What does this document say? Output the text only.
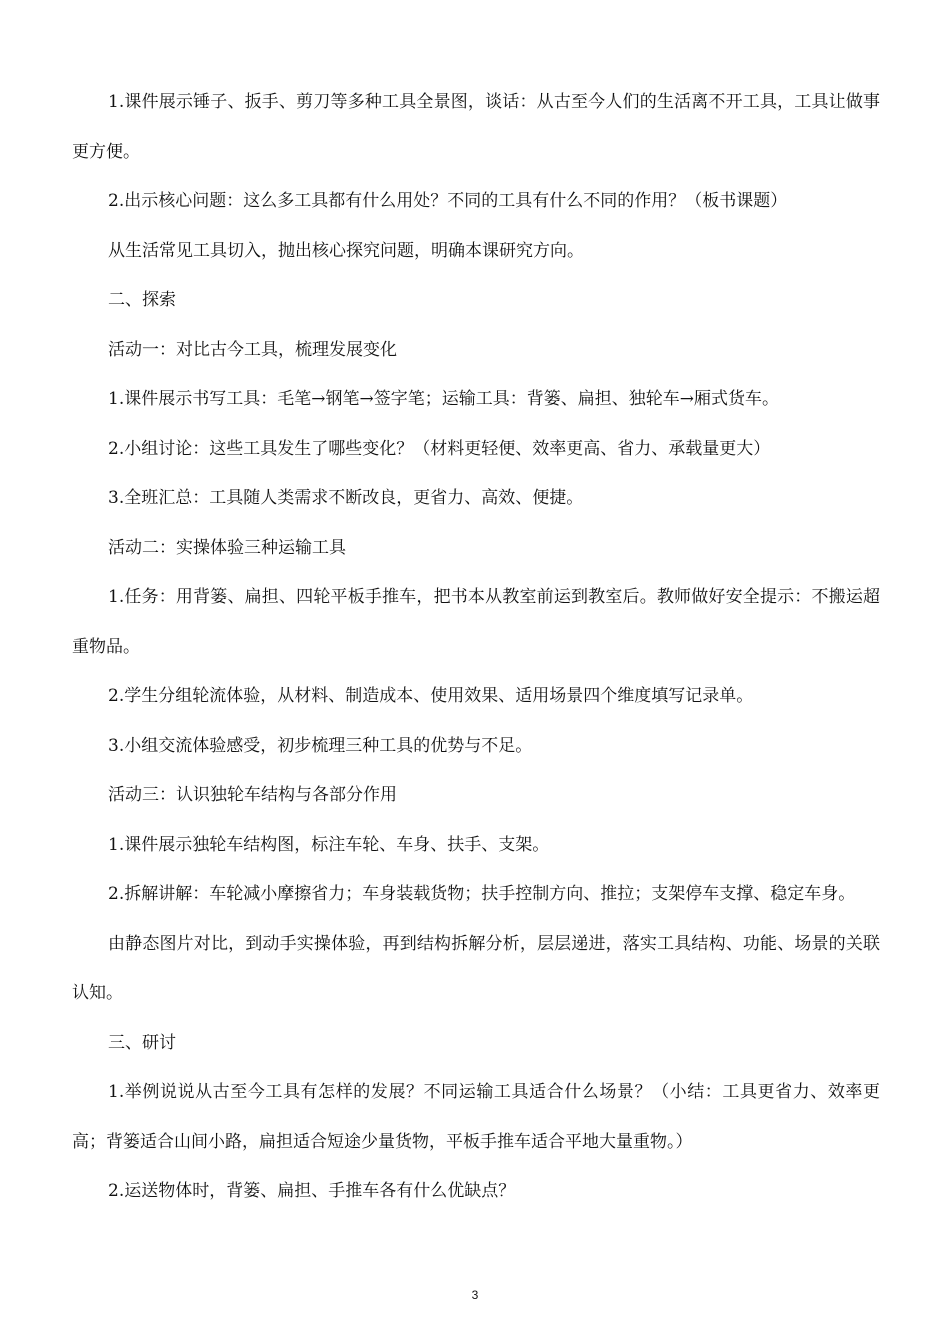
1.课件展示锤子、扳手、剪刀等多种工具全景图，谈话：从古至今人们的生活离不开工具，工具让做事更方便。

2.出示核心问题：这么多工具都有什么用处？不同的工具有什么不同的作用？（板书课题）

从生活常见工具切入，抛出核心探究问题，明确本课研究方向。

二、探索

活动一：对比古今工具，梳理发展变化

1.课件展示书写工具：毛笔→钢笔→签字笔；运输工具：背篓、扁担、独轮车→厢式货车。

2.小组讨论：这些工具发生了哪些变化？（材料更轻便、效率更高、省力、承载量更大）

3.全班汇总：工具随人类需求不断改良，更省力、高效、便捷。

活动二：实操体验三种运输工具

1.任务：用背篓、扁担、四轮平板手推车，把书本从教室前运到教室后。教师做好安全提示：不搬运超重物品。

2.学生分组轮流体验，从材料、制造成本、使用效果、适用场景四个维度填写记录单。

3.小组交流体验感受，初步梳理三种工具的优势与不足。

活动三：认识独轮车结构与各部分作用

1.课件展示独轮车结构图，标注车轮、车身、扶手、支架。

2.拆解讲解：车轮减小摩擦省力；车身装载货物；扶手控制方向、推拉；支架停车支撑、稳定车身。

由静态图片对比，到动手实操体验，再到结构拆解分析，层层递进，落实工具结构、功能、场景的关联认知。

三、研讨

1.举例说说从古至今工具有怎样的发展？不同运输工具适合什么场景？（小结：工具更省力、效率更高；背篓适合山间小路，扁担适合短途少量货物，平板手推车适合平地大量重物。）

2.运送物体时，背篓、扁担、手推车各有什么优缺点？

3
